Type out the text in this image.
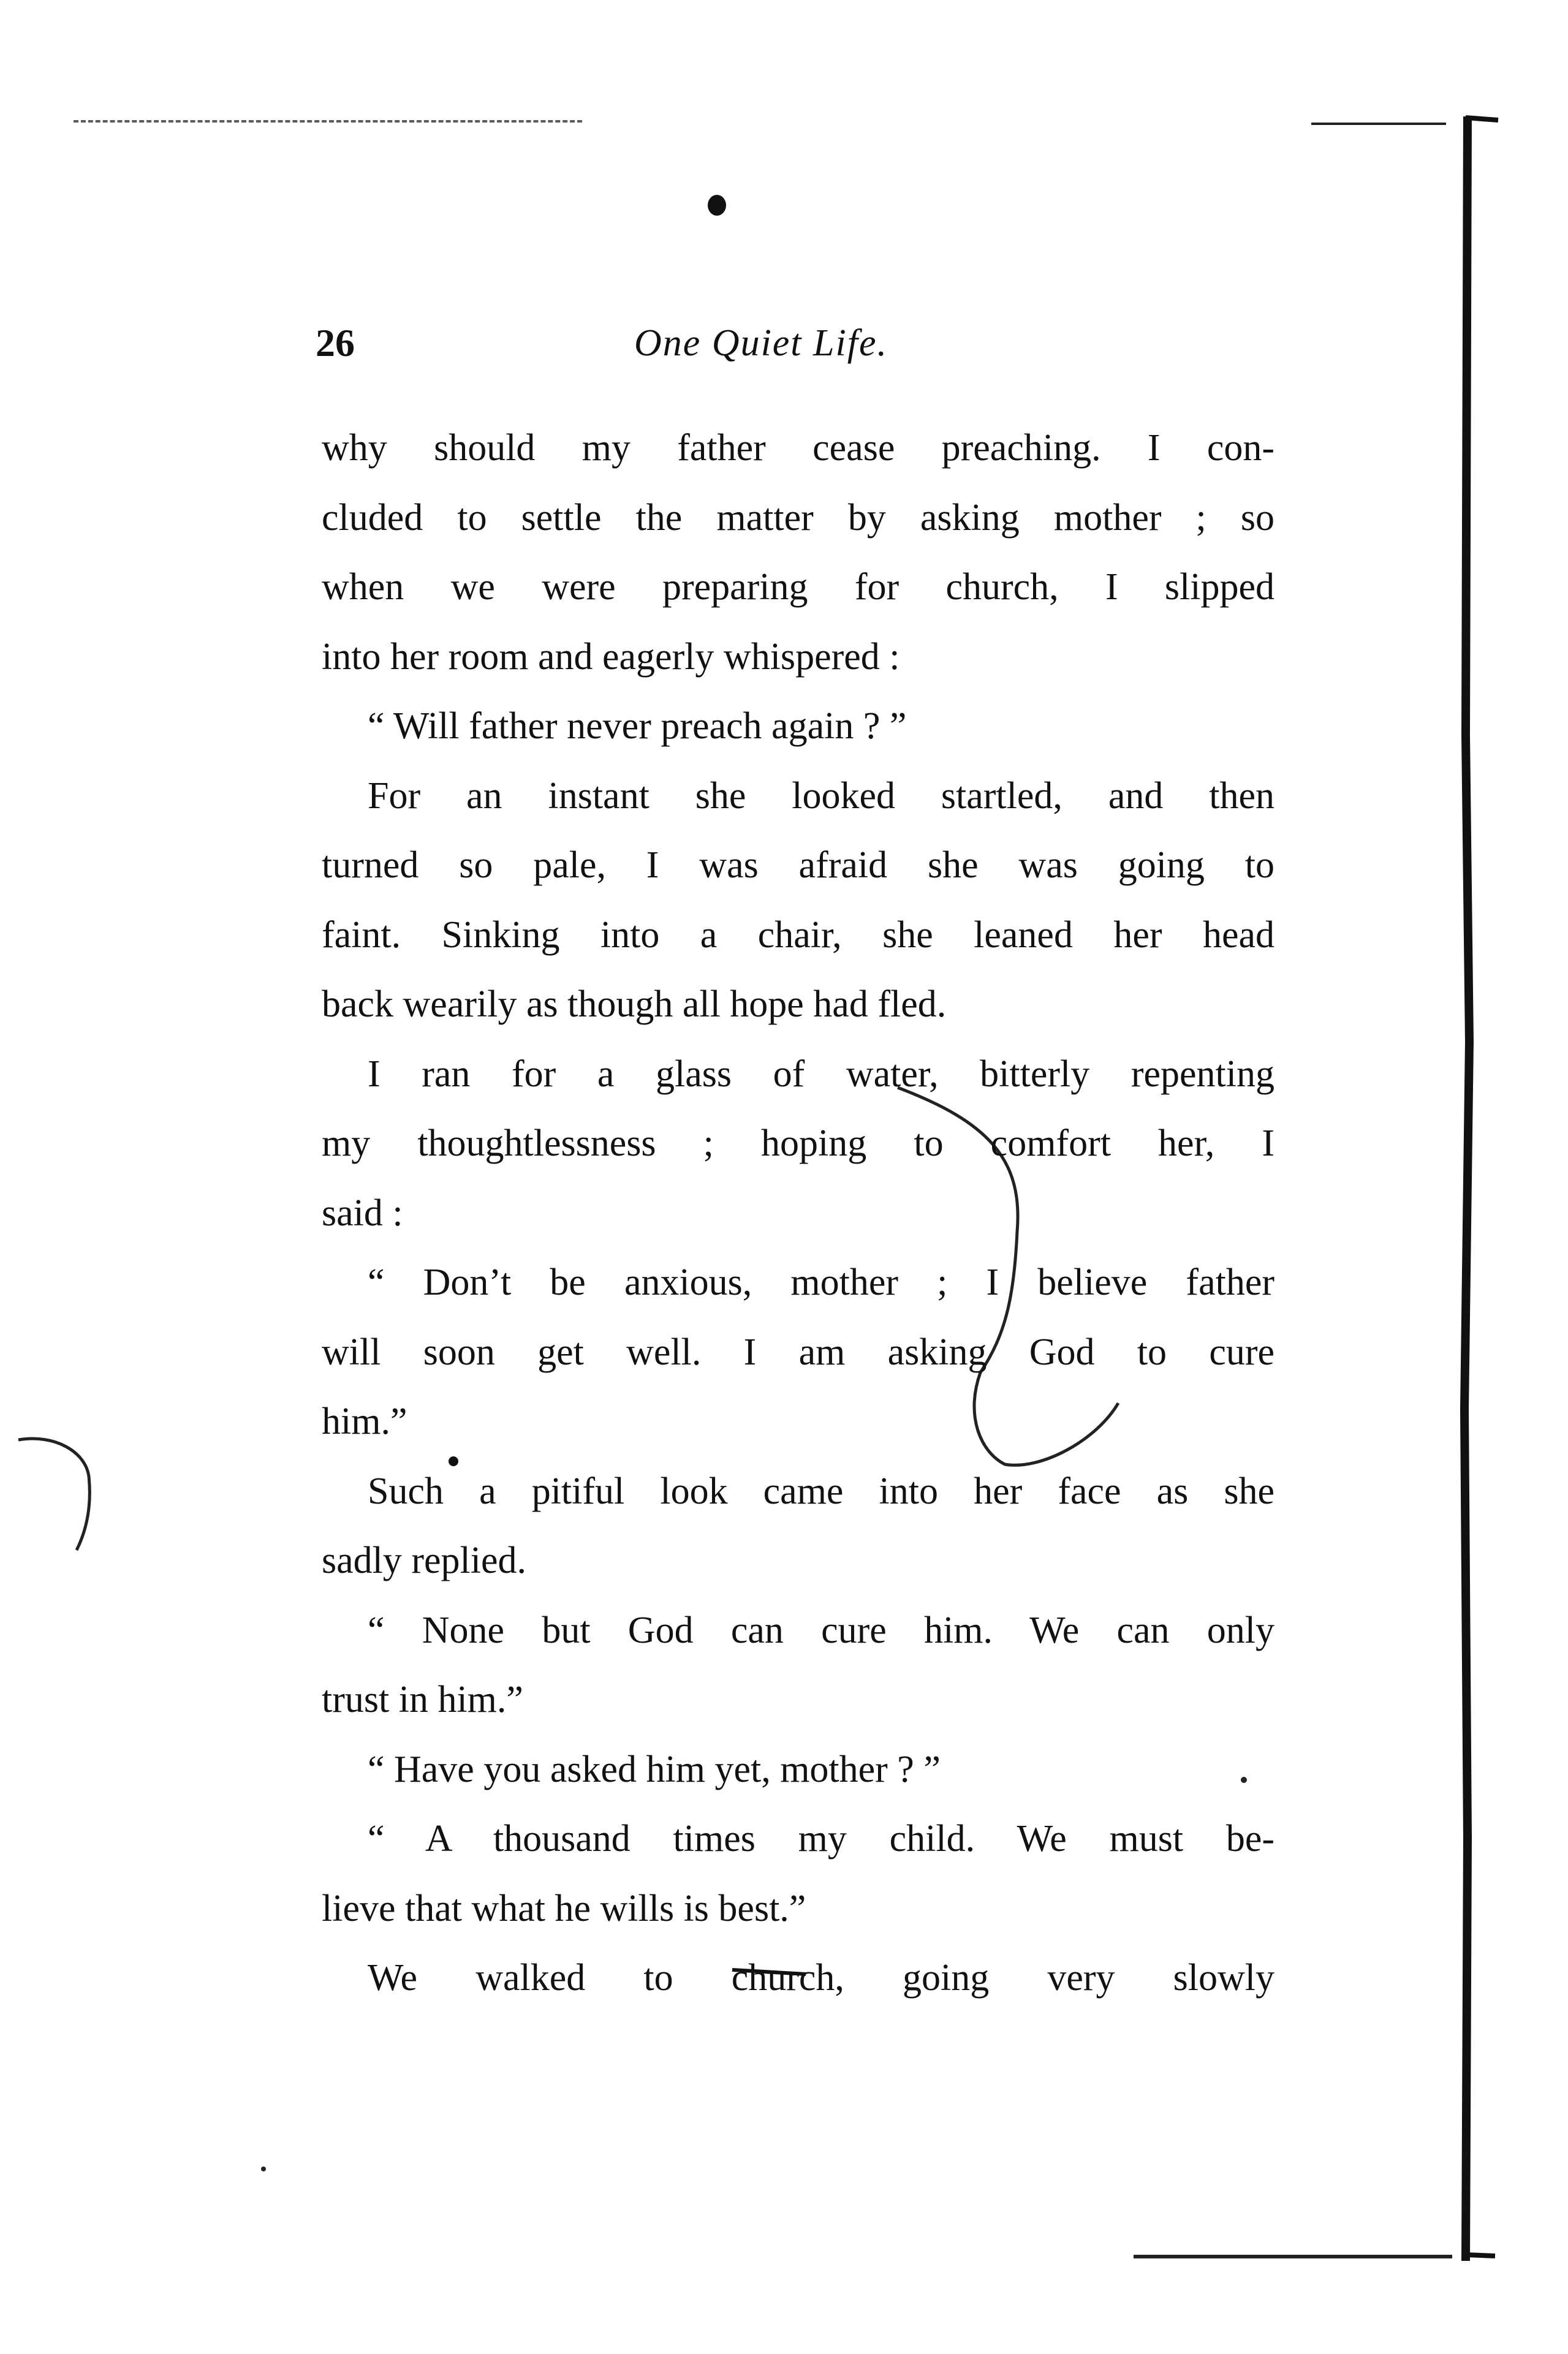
26	One Quiet Life.
why should my father cease preaching. I con-
cluded to settle the matter by asking mother ; so
when we were preparing for church, I slipped
into her room and eagerly whispered :
“ Will father never preach again ? ”
For an instant she looked startled, and then
turned so pale, I was afraid she was going to
faint. Sinking into a chair, she leaned her head
back wearily as though all hope had fled.
I ran for a glass of water, bitterly repenting
my thoughtlessness ; hoping to comfort her, I
said :
“ Don’t be anxious, mother ; I believe father
will soon get well. I am asking God to cure
him.”
Such a pitiful look came into her face as she
sadly replied.
“ None but God can cure him. We can only
trust in him.”
“ Have you asked him yet, mother ? ”
“ A thousand times my child. We must be-
lieve that what he wills is best.”
We walked to church, going very slowly
